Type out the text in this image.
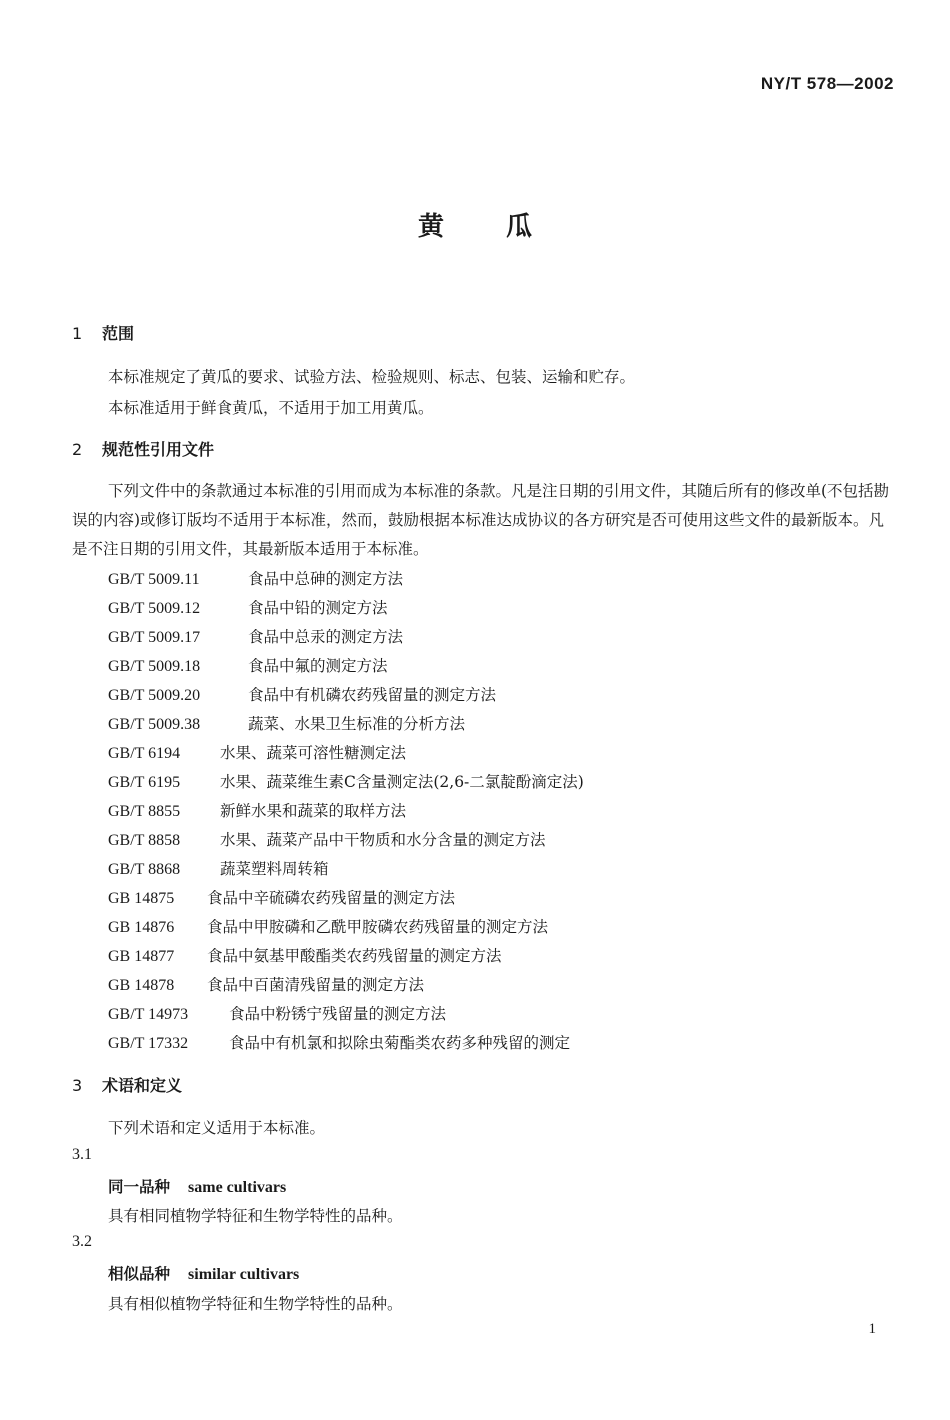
NY/T 578—2002
黄瓜
1 范围
本标准规定了黄瓜的要求、试验方法、检验规则、标志、包装、运输和贮存。
本标准适用于鲜食黄瓜，不适用于加工用黄瓜。
2 规范性引用文件
下列文件中的条款通过本标准的引用而成为本标准的条款。凡是注日期的引用文件，其随后所有的修改单(不包括勘误的内容)或修订版均不适用于本标准，然而，鼓励根据本标准达成协议的各方研究是否可使用这些文件的最新版本。凡是不注日期的引用文件，其最新版本适用于本标准。
GB/T 5009.11	食品中总砷的测定方法
GB/T 5009.12	食品中铅的测定方法
GB/T 5009.17	食品中总汞的测定方法
GB/T 5009.18	食品中氟的测定方法
GB/T 5009.20	食品中有机磷农药残留量的测定方法
GB/T 5009.38	蔬菜、水果卫生标准的分析方法
GB/T 6194	水果、蔬菜可溶性糖测定法
GB/T 6195	水果、蔬菜维生素C含量测定法(2,6-二氯靛酚滴定法)
GB/T 8855	新鲜水果和蔬菜的取样方法
GB/T 8858	水果、蔬菜产品中干物质和水分含量的测定方法
GB/T 8868	蔬菜塑料周转箱
GB 14875 食品中辛硫磷农药残留量的测定方法
GB 14876 食品中甲胺磷和乙酰甲胺磷农药残留量的测定方法
GB 14877 食品中氨基甲酸酯类农药残留量的测定方法
GB 14878 食品中百菌清残留量的测定方法
GB/T 14973	食品中粉锈宁残留量的测定方法
GB/T 17332	食品中有机氯和拟除虫菊酯类农药多种残留的测定
3 术语和定义
下列术语和定义适用于本标准。
3.1
同一品种 same cultivars
具有相同植物学特征和生物学特性的品种。
3.2
相似品种 similar cultivars
具有相似植物学特征和生物学特性的品种。
1
